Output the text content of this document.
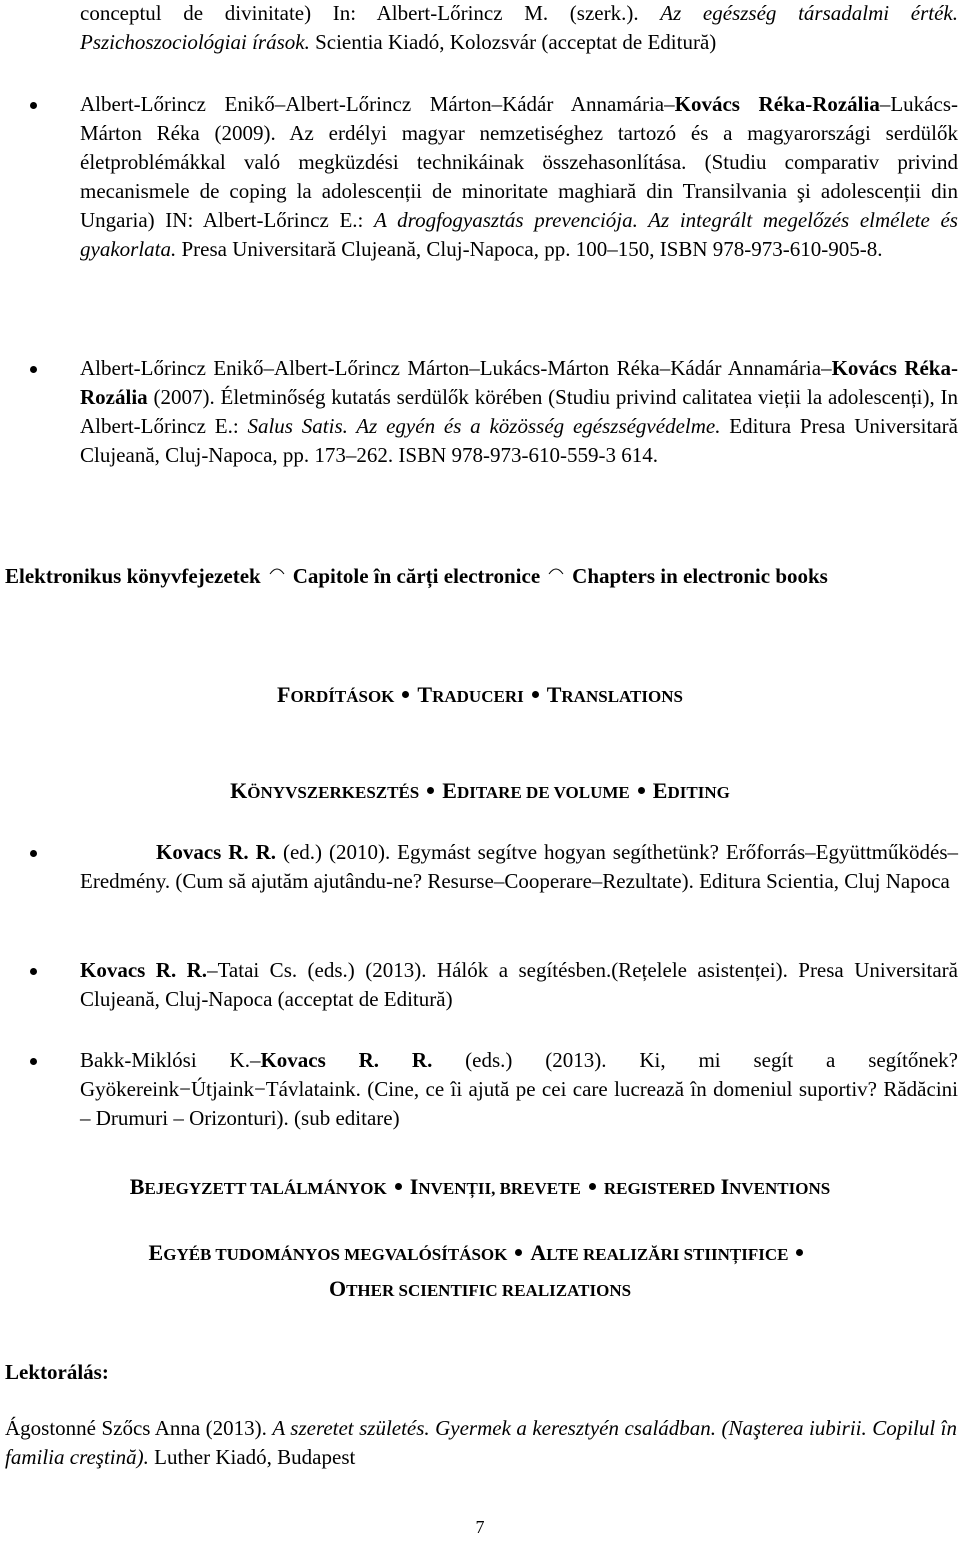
conceptul de divinitate) In: Albert-Lőrincz M. (szerk.). Az egészség társadalmi érték. Pszichoszociológiai írások. Scientia Kiadó, Kolozsvár (acceptat de Editură)

Albert-Lőrincz Enikő–Albert-Lőrincz Márton–Kádár Annamária–Kovács Réka-Rozália–Lukács-Márton Réka (2009). Az erdélyi magyar nemzetiséghez tartozó és a magyarországi serdülők életproblémákkal való megküzdési technikáinak összehasonlítása. (Studiu comparativ privind mecanismele de coping la adolescenții de minoritate maghiară din Transilvania şi adolescenții din Ungaria) IN: Albert-Lőrincz E.: A drogfogyasztás prevenciója. Az integrált megelőzés elmélete és gyakorlata. Presa Universitară Clujeană, Cluj-Napoca, pp. 100–150, ISBN 978-973-610-905-8.

Albert-Lőrincz Enikő–Albert-Lőrincz Márton–Lukács-Márton Réka–Kádár Annamária–Kovács Réka-Rozália (2007). Életminőség kutatás serdülők körében (Studiu privind calitatea vieții la adolescenți), In Albert-Lőrincz E.: Salus Satis. Az egyén és a közösség egészségvédelme. Editura Presa Universitară Clujeană, Cluj-Napoca, pp. 173–262. ISBN 978-973-610-559-3 614.

Elektronikus könyvfejezetek Capitole în cărți electronice Chapters in electronic books

FORDÍTÁSOK TRADUCERI TRANSLATIONS

KÖNYVSZERKESZTÉS EDITARE DE VOLUME EDITING

Kovacs R. R. (ed.) (2010). Egymást segítve hogyan segíthetünk? Erőforrás–Együttműködés–Eredmény. (Cum să ajutăm ajutându-ne? Resurse–Cooperare–Rezultate). Editura Scientia, Cluj Napoca

Kovacs R. R.–Tatai Cs. (eds.) (2013). Hálók a segítésben.(Rețelele asistenței). Presa Universitară Clujeană, Cluj-Napoca (acceptat de Editură)

Bakk-Miklósi K.–Kovacs R. R. (eds.) (2013). Ki, mi segít a segítőnek? Gyökereink−Útjaink−Távlataink. (Cine, ce îi ajută pe cei care lucrează în domeniul suportiv? Rădăcini – Drumuri – Orizonturi). (sub editare)

BEJEGYZETT TALÁLMÁNYOK INVENȚII, BREVETE REGISTERED INVENTIONS

EGYÉB TUDOMÁNYOS MEGVALÓSÍTÁSOK ALTE REALIZĂRI STIINȚIFICE
OTHER SCIENTIFIC REALIZATIONS

Lektorálás:

Ágostonné Szőcs Anna (2013). A szeretet születés. Gyermek a keresztyén családban. (Naşterea iubirii. Copilul în familia creştină). Luther Kiadó, Budapest

7
